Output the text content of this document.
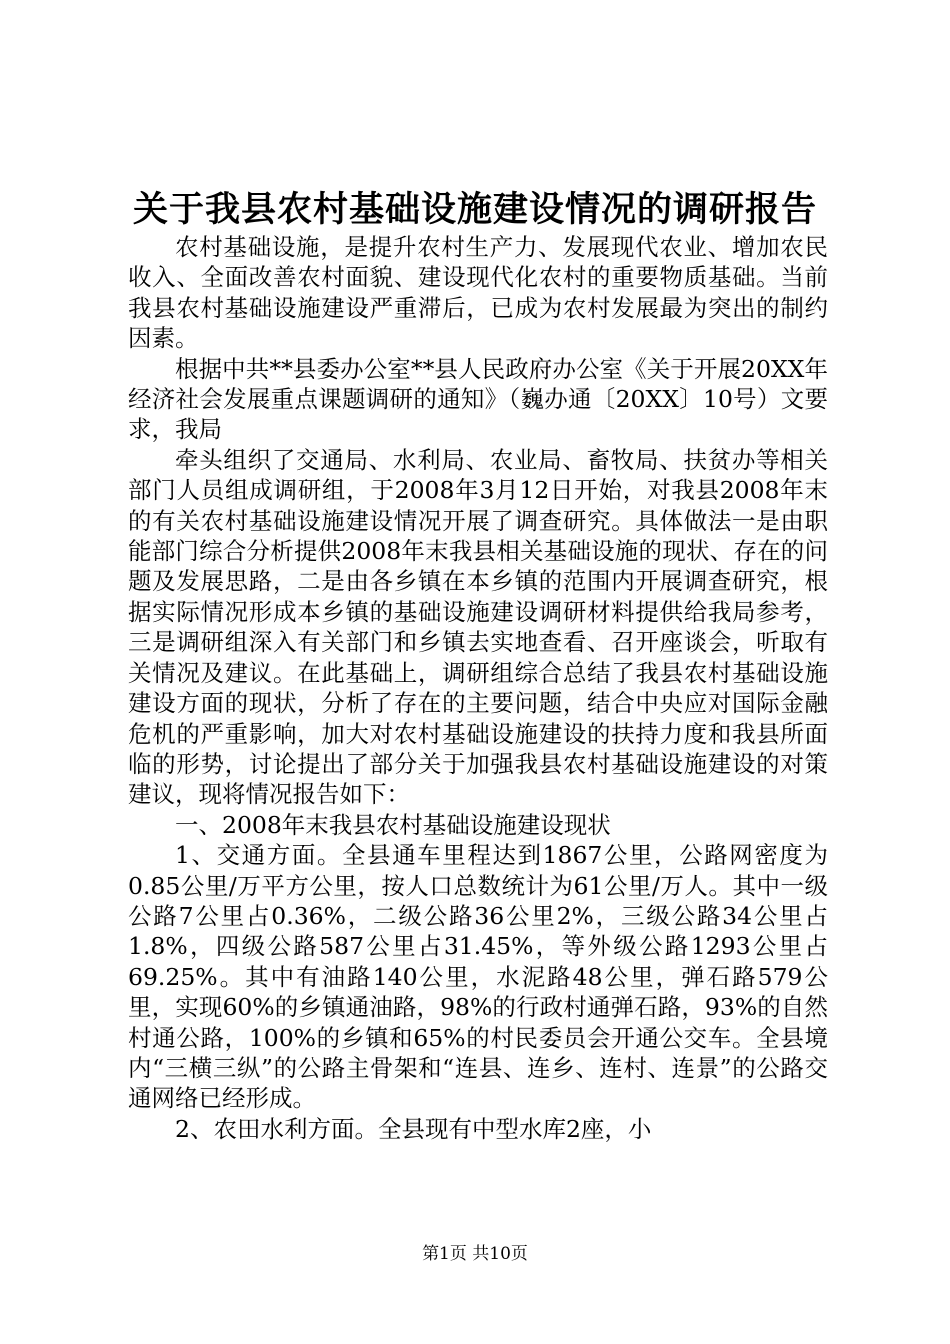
关于我县农村基础设施建设情况的调研报告

农村基础设施，是提升农村生产力、发展现代农业、增加农民收入、全面改善农村面貌、建设现代化农村的重要物质基础。当前我县农村基础设施建设严重滞后，已成为农村发展最为突出的制约因素。

根据中共**县委办公室**县人民政府办公室《关于开展20XX年经济社会发展重点课题调研的通知》（巍办通〔20XX〕10号）文要求，我局

牵头组织了交通局、水利局、农业局、畜牧局、扶贫办等相关部门人员组成调研组，于2008年3月12日开始，对我县2008年末的有关农村基础设施建设情况开展了调查研究。具体做法一是由职能部门综合分析提供2008年末我县相关基础设施的现状、存在的问题及发展思路，二是由各乡镇在本乡镇的范围内开展调查研究，根据实际情况形成本乡镇的基础设施建设调研材料提供给我局参考，三是调研组深入有关部门和乡镇去实地查看、召开座谈会，听取有关情况及建议。在此基础上，调研组综合总结了我县农村基础设施建设方面的现状，分析了存在的主要问题，结合中央应对国际金融危机的严重影响，加大对农村基础设施建设的扶持力度和我县所面临的形势，讨论提出了部分关于加强我县农村基础设施建设的对策建议，现将情况报告如下：

一、2008年末我县农村基础设施建设现状

1、交通方面。全县通车里程达到1867公里，公路网密度为0.85公里/万平方公里，按人口总数统计为61公里/万人。其中一级公路7公里占0.36%，二级公路36公里2%，三级公路34公里占1.8%，四级公路587公里占31.45%，等外级公路1293公里占69.25%。其中有油路140公里，水泥路48公里，弹石路579公里，实现60%的乡镇通油路，98%的行政村通弹石路，93%的自然村通公路，100%的乡镇和65%的村民委员会开通公交车。全县境内“三横三纵”的公路主骨架和“连县、连乡、连村、连景”的公路交通网络已经形成。

2、农田水利方面。全县现有中型水库2座，小

第1页 共10页
